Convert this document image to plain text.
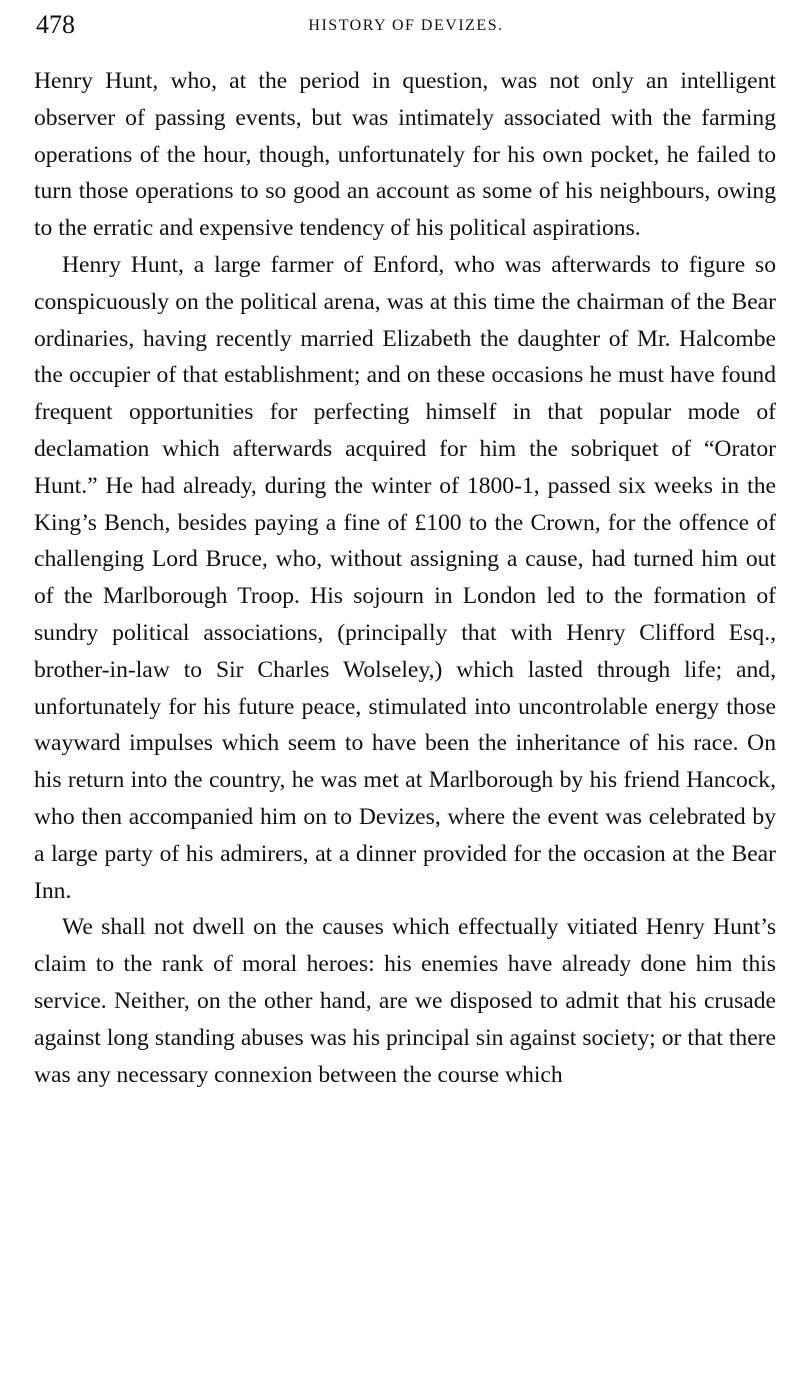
478	HISTORY OF DEVIZES.

Henry Hunt, who, at the period in question, was not only an intelligent observer of passing events, but was intimately associated with the farming operations of the hour, though, unfortunately for his own pocket, he failed to turn those operations to so good an account as some of his neighbours, owing to the erratic and expensive tendency of his political aspirations.

Henry Hunt, a large farmer of Enford, who was afterwards to figure so conspicuously on the political arena, was at this time the chairman of the Bear ordinaries, having recently married Elizabeth the daughter of Mr. Halcombe the occupier of that establishment; and on these occasions he must have found frequent opportunities for perfecting himself in that popular mode of declamation which afterwards acquired for him the sobriquet of “Orator Hunt.” He had already, during the winter of 1800-1, passed six weeks in the King’s Bench, besides paying a fine of £100 to the Crown, for the offence of challenging Lord Bruce, who, without assigning a cause, had turned him out of the Marlborough Troop. His sojourn in London led to the formation of sundry political associations, (principally that with Henry Clifford Esq., brother-in-law to Sir Charles Wolseley,) which lasted through life; and, unfortunately for his future peace, stimulated into uncontrolable energy those wayward impulses which seem to have been the inheritance of his race. On his return into the country, he was met at Marlborough by his friend Hancock, who then accompanied him on to Devizes, where the event was celebrated by a large party of his admirers, at a dinner provided for the occasion at the Bear Inn.

We shall not dwell on the causes which effectually vitiated Henry Hunt’s claim to the rank of moral heroes: his enemies have already done him this service. Neither, on the other hand, are we disposed to admit that his crusade against long standing abuses was his principal sin against society; or that there was any necessary connexion between the course which
